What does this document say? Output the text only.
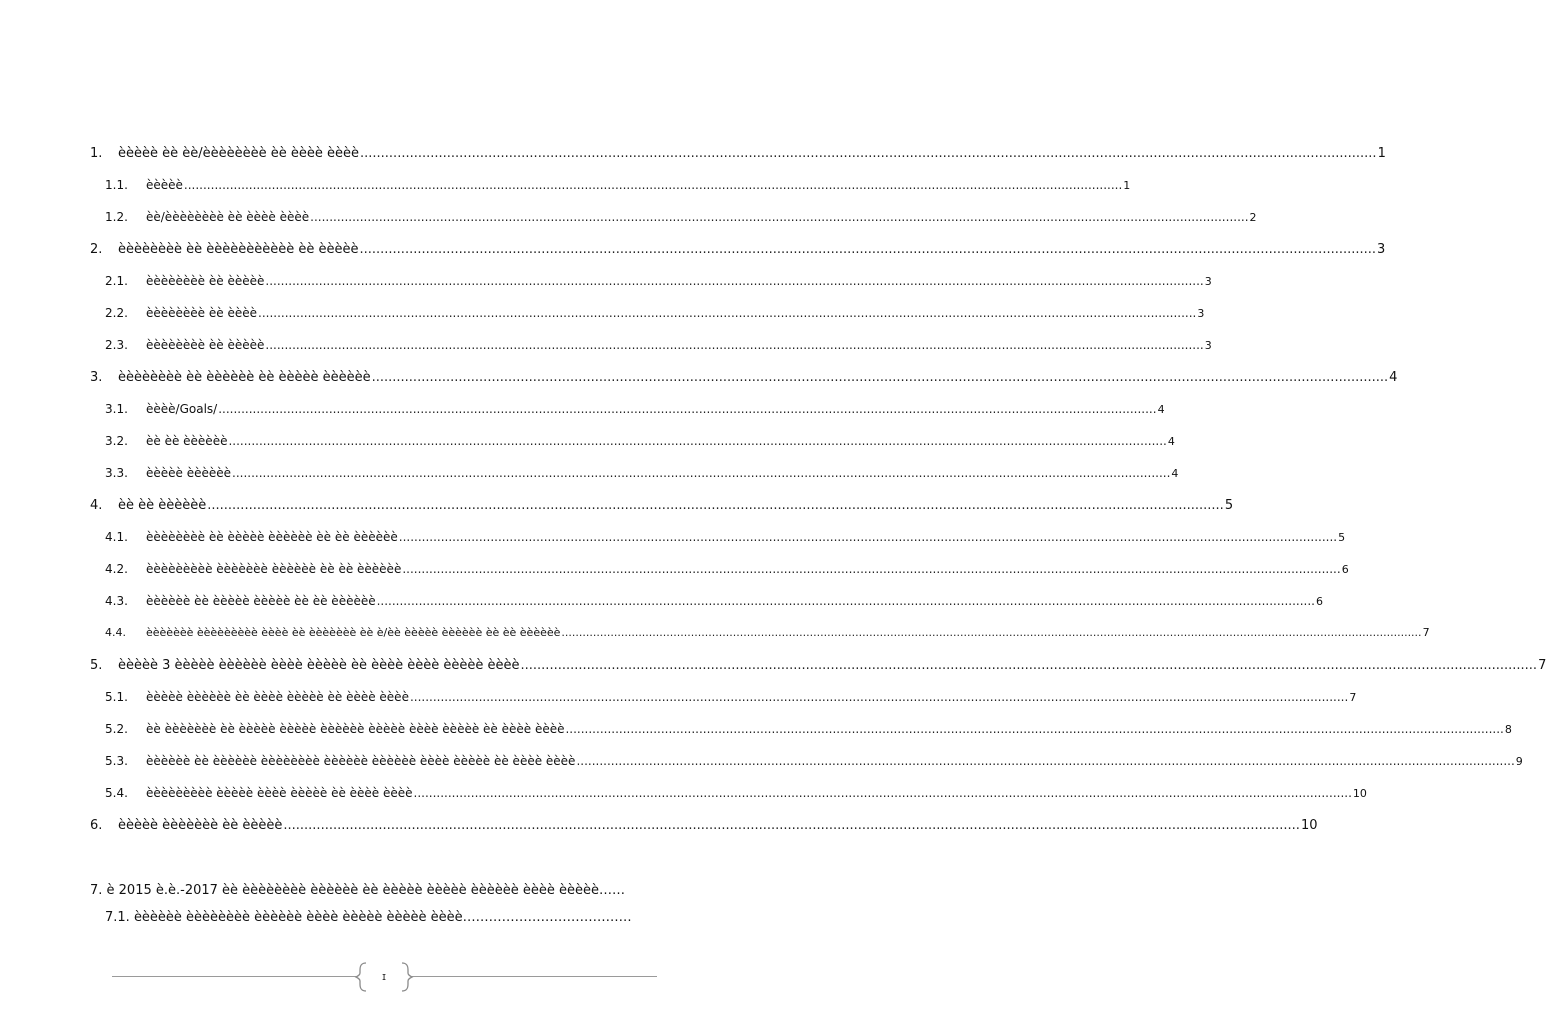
1.	ѐѐѐѐѐ ѐѐ ѐѐ/ѐѐѐѐѐѐѐѐ ѐѐ ѐѐѐѐ ѐѐѐѐ .....	1
1.1.	ѐѐѐѐѐ .....	1
1.2.	ѐѐ/ѐѐѐѐѐѐѐѐ ѐѐ ѐѐѐѐ ѐѐѐѐ .....	2
2.	ѐѐѐѐѐѐѐѐ ѐѐ ѐѐѐѐѐѐѐѐѐѐѐ ѐѐ ѐѐѐѐѐ .....	3
2.1.	ѐѐѐѐѐѐѐѐ ѐѐ ѐѐѐѐѐ .....	3
2.2.	ѐѐѐѐѐѐѐѐ ѐѐ ѐѐѐѐ .....	3
2.3.	ѐѐѐѐѐѐѐѐ ѐѐ ѐѐѐѐѐ .....	3
3.	ѐѐѐѐѐѐѐѐ ѐѐ ѐѐѐѐѐѐ ѐѐ ѐѐѐѐѐ ѐѐѐѐѐѐ .....	4
3.1.	ѐѐѐѐ/Goals/ .....	4
3.2.	ѐѐ ѐѐ ѐѐѐѐѐѐ .....	4
3.3.	ѐѐѐѐѐ ѐѐѐѐѐѐ .....	4
4.	ѐѐ ѐѐ ѐѐѐѐѐѐ .....	5
4.1.	ѐѐѐѐѐѐѐѐ ѐѐ ѐѐѐѐѐ ѐѐѐѐѐѐ ѐѐ ѐѐ ѐѐѐѐѐѐ .....	5
4.2.	ѐѐѐѐѐѐѐѐѐ ѐѐѐѐѐѐѐ ѐѐѐѐѐѐ ѐѐ ѐѐ ѐѐѐѐѐѐ .....	6
4.3.	ѐѐѐѐѐѐ ѐѐ ѐѐѐѐѐ ѐѐѐѐѐ ѐѐ ѐѐ ѐѐѐѐѐѐ .....	6
4.4.	ѐѐѐѐѐѐѐ ѐѐѐѐѐѐѐѐѐ ѐѐѐѐ ѐѐ ѐѐѐѐѐѐѐ ѐѐ ѐ/ѐѐ ѐѐѐѐѐ ѐѐѐѐѐѐ ѐѐ ѐѐ ѐѐѐѐѐѐ .....	7
5.	ѐѐѐѐѐ 3 ѐѐѐѐѐ ѐѐѐѐѐѐ ѐѐѐѐ ѐѐѐѐѐ ѐѐ ѐѐѐѐ ѐѐѐѐ ѐѐѐѐѐ ѐѐѐѐ .....	7
5.1.	ѐѐѐѐѐ ѐѐѐѐѐѐ ѐѐ ѐѐѐѐ ѐѐѐѐѐ ѐѐ ѐѐѐѐ ѐѐѐѐ .....	7
5.2.	ѐѐ ѐѐѐѐѐѐѐ ѐѐ ѐѐѐѐѐ ѐѐѐѐѐ ѐѐѐѐѐѐ ѐѐѐѐѐ ѐѐѐѐ ѐѐѐѐѐ ѐѐ ѐѐѐѐ ѐѐѐѐ .....	8
5.3.	ѐѐѐѐѐѐ ѐѐ ѐѐѐѐѐѐ ѐѐѐѐѐѐѐѐ ѐѐѐѐѐѐ ѐѐѐѐѐѐ ѐѐѐѐ ѐѐѐѐѐ ѐѐ ѐѐѐѐ ѐѐѐѐ .....	9
5.4.	ѐѐѐѐѐѐѐѐѐ ѐѐѐѐѐ ѐѐѐѐ ѐѐѐѐѐ ѐѐ ѐѐѐѐ ѐѐѐѐ .....	10
6.	ѐѐѐѐѐ ѐѐѐѐѐѐѐ ѐѐ ѐѐѐѐѐ .....	10
7. ѐ 2015 ѐ.ѐ.-2017 ѐѐ ѐѐѐѐѐѐѐѐ ѐѐѐѐѐѐ ѐѐ ѐѐѐѐѐ ѐѐѐѐѐ ѐѐѐѐѐѐ ѐѐѐѐ ѐѐѐѐѐ……
7.1. ѐѐѐѐѐѐ ѐѐѐѐѐѐѐѐ ѐѐѐѐѐѐ ѐѐѐѐ ѐѐѐѐѐ ѐѐѐѐѐ ѐѐѐѐ…………………………………
ɪ
